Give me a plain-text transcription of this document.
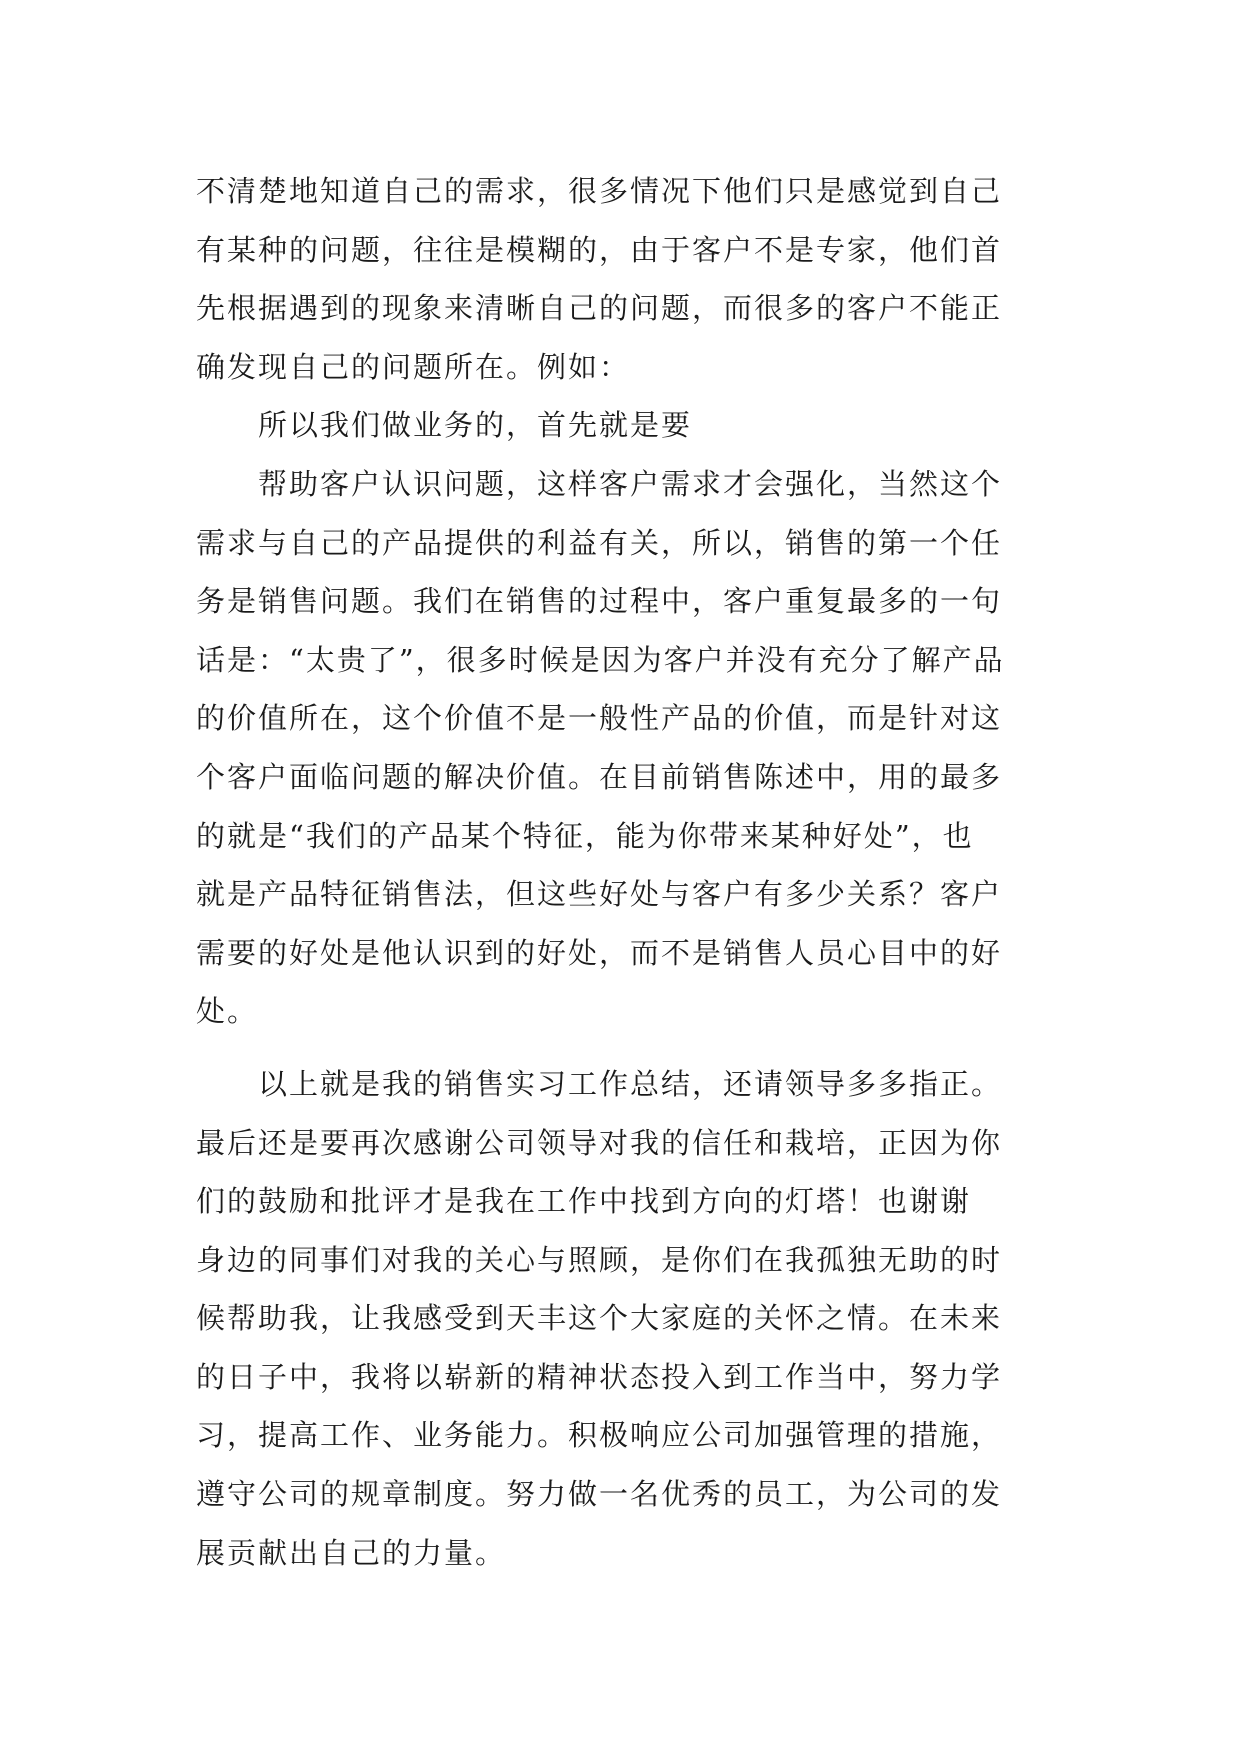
不清楚地知道自己的需求，很多情况下他们只是感觉到自己
有某种的问题，往往是模糊的，由于客户不是专家，他们首
先根据遇到的现象来清晰自己的问题，而很多的客户不能正
确发现自己的问题所在。例如：
　　所以我们做业务的，首先就是要
　　帮助客户认识问题，这样客户需求才会强化，当然这个
需求与自己的产品提供的利益有关，所以，销售的第一个任
务是销售问题。我们在销售的过程中，客户重复最多的一句
话是：“太贵了”，很多时候是因为客户并没有充分了解产品
的价值所在，这个价值不是一般性产品的价值，而是针对这
个客户面临问题的解决价值。在目前销售陈述中，用的最多
的就是“我们的产品某个特征，能为你带来某种好处”，也
就是产品特征销售法，但这些好处与客户有多少关系？客户
需要的好处是他认识到的好处，而不是销售人员心目中的好
处。
　　以上就是我的销售实习工作总结，还请领导多多指正。
最后还是要再次感谢公司领导对我的信任和栽培，正因为你
们的鼓励和批评才是我在工作中找到方向的灯塔！也谢谢
身边的同事们对我的关心与照顾，是你们在我孤独无助的时
候帮助我，让我感受到天丰这个大家庭的关怀之情。在未来
的日子中，我将以崭新的精神状态投入到工作当中，努力学
习，提高工作、业务能力。积极响应公司加强管理的措施，
遵守公司的规章制度。努力做一名优秀的员工，为公司的发
展贡献出自己的力量。
